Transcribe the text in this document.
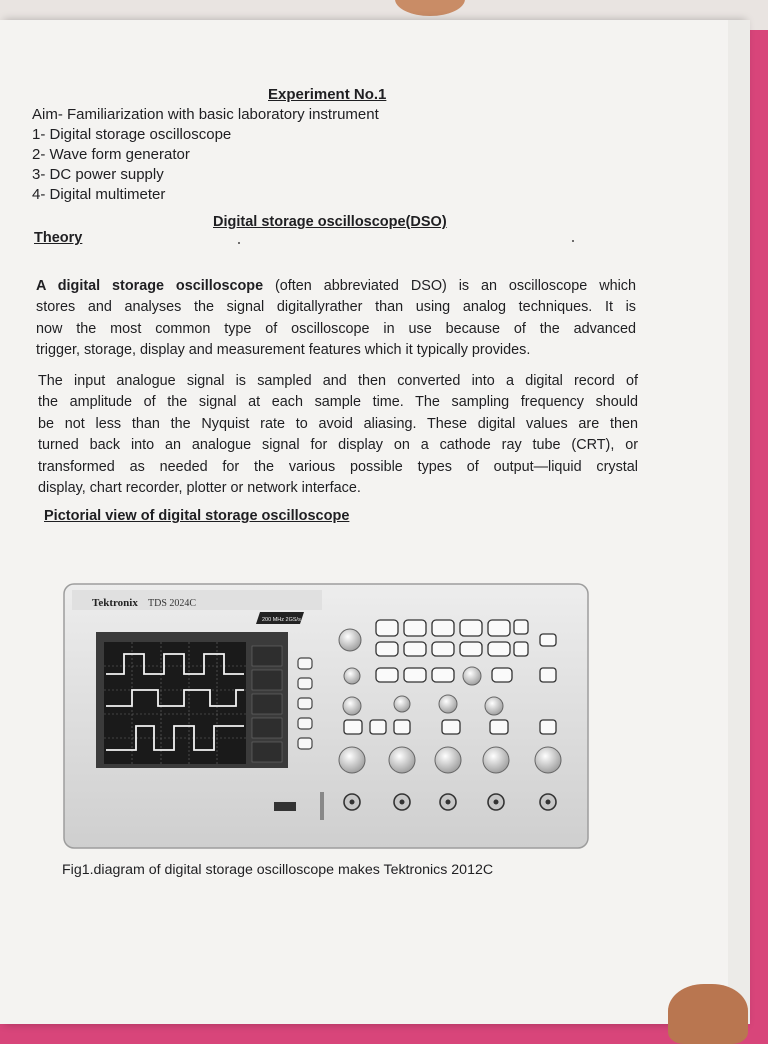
Experiment No.1
Aim- Familiarization with basic laboratory instrument
1- Digital storage oscilloscope
2- Wave form generator
3- DC power supply
4- Digital multimeter
Digital storage oscilloscope(DSO)
Theory
A digital storage oscilloscope (often abbreviated DSO) is an oscilloscope which
stores and analyses the signal digitallyrather than using analog techniques. It is
now the most common type of oscilloscope in use because of the advanced
trigger, storage, display and measurement features which it typically provides.
The input analogue signal is sampled and then converted into a digital record of
the amplitude of the signal at each sample time. The sampling frequency should
be not less than the Nyquist rate to avoid aliasing. These digital values are then
turned back into an analogue signal for display on a cathode ray tube (CRT), or
transformed as needed for the various possible types of output—liquid crystal
display, chart recorder, plotter or network interface.
Pictorial view of digital storage oscilloscope
Tektronix TDS 2024C
200 MHz 2GS/s
Fig1.diagram of digital storage oscilloscope makes Tektronics 2012C
